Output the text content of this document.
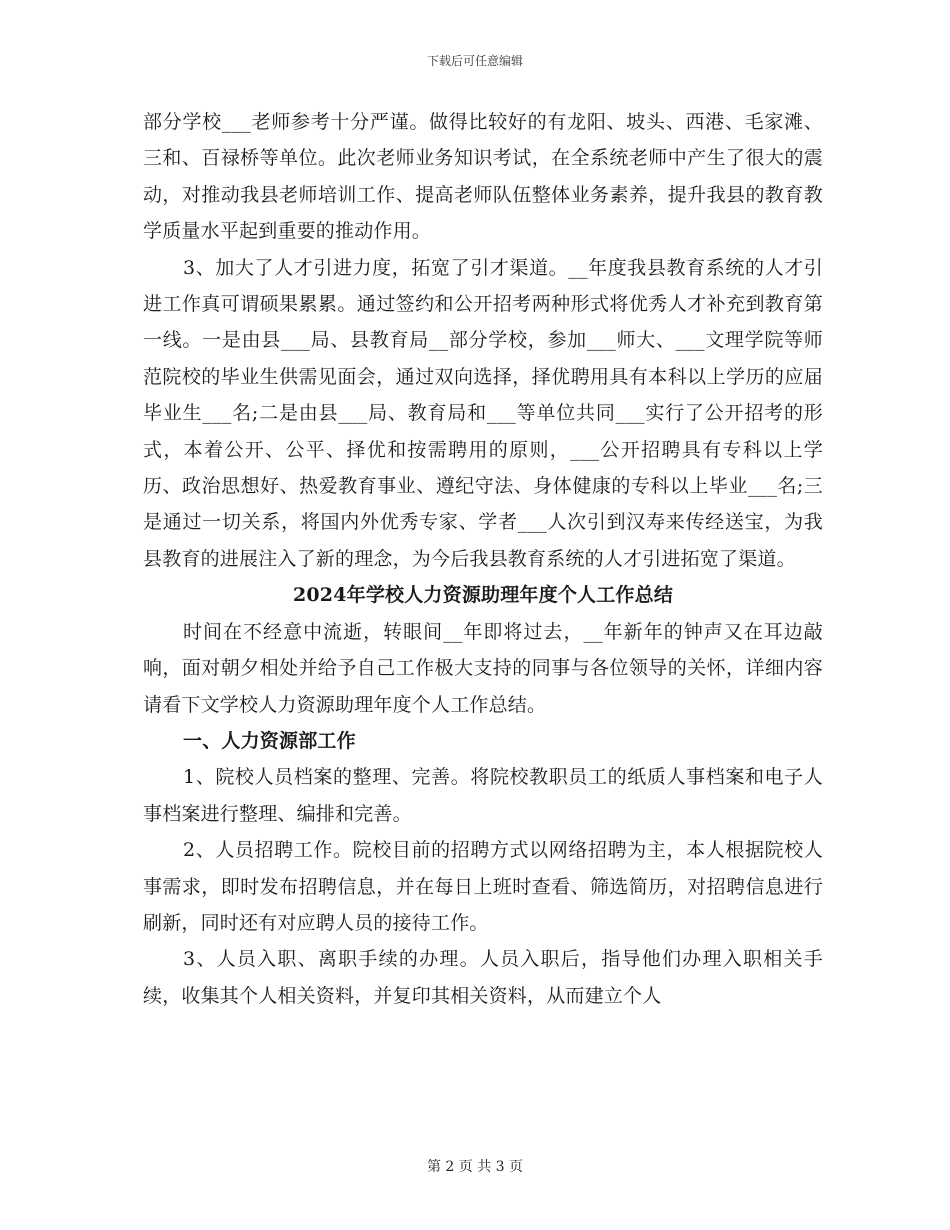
下载后可任意编辑

部分学校___老师参考十分严谨。做得比较好的有龙阳、坡头、西港、毛家滩、三和、百禄桥等单位。此次老师业务知识考试，在全系统老师中产生了很大的震动，对推动我县老师培训工作、提高老师队伍整体业务素养，提升我县的教育教学质量水平起到重要的推动作用。

3、加大了人才引进力度，拓宽了引才渠道。__年度我县教育系统的人才引进工作真可谓硕果累累。通过签约和公开招考两种形式将优秀人才补充到教育第一线。一是由县___局、县教育局__部分学校，参加___师大、___文理学院等师范院校的毕业生供需见面会，通过双向选择，择优聘用具有本科以上学历的应届毕业生___名;二是由县___局、教育局和___等单位共同___实行了公开招考的形式，本着公开、公平、择优和按需聘用的原则，___公开招聘具有专科以上学历、政治思想好、热爱教育事业、遵纪守法、身体健康的专科以上毕业___名;三是通过一切关系，将国内外优秀专家、学者___人次引到汉寿来传经送宝，为我县教育的进展注入了新的理念，为今后我县教育系统的人才引进拓宽了渠道。

2024年学校人力资源助理年度个人工作总结

时间在不经意中流逝，转眼间__年即将过去，__年新年的钟声又在耳边敲响，面对朝夕相处并给予自己工作极大支持的同事与各位领导的关怀，详细内容请看下文学校人力资源助理年度个人工作总结。

一、人力资源部工作

1、院校人员档案的整理、完善。将院校教职员工的纸质人事档案和电子人事档案进行整理、编排和完善。

2、人员招聘工作。院校目前的招聘方式以网络招聘为主，本人根据院校人事需求，即时发布招聘信息，并在每日上班时查看、筛选简历，对招聘信息进行刷新，同时还有对应聘人员的接待工作。

3、人员入职、离职手续的办理。人员入职后，指导他们办理入职相关手续，收集其个人相关资料，并复印其相关资料，从而建立个人

第 2 页 共 3 页
